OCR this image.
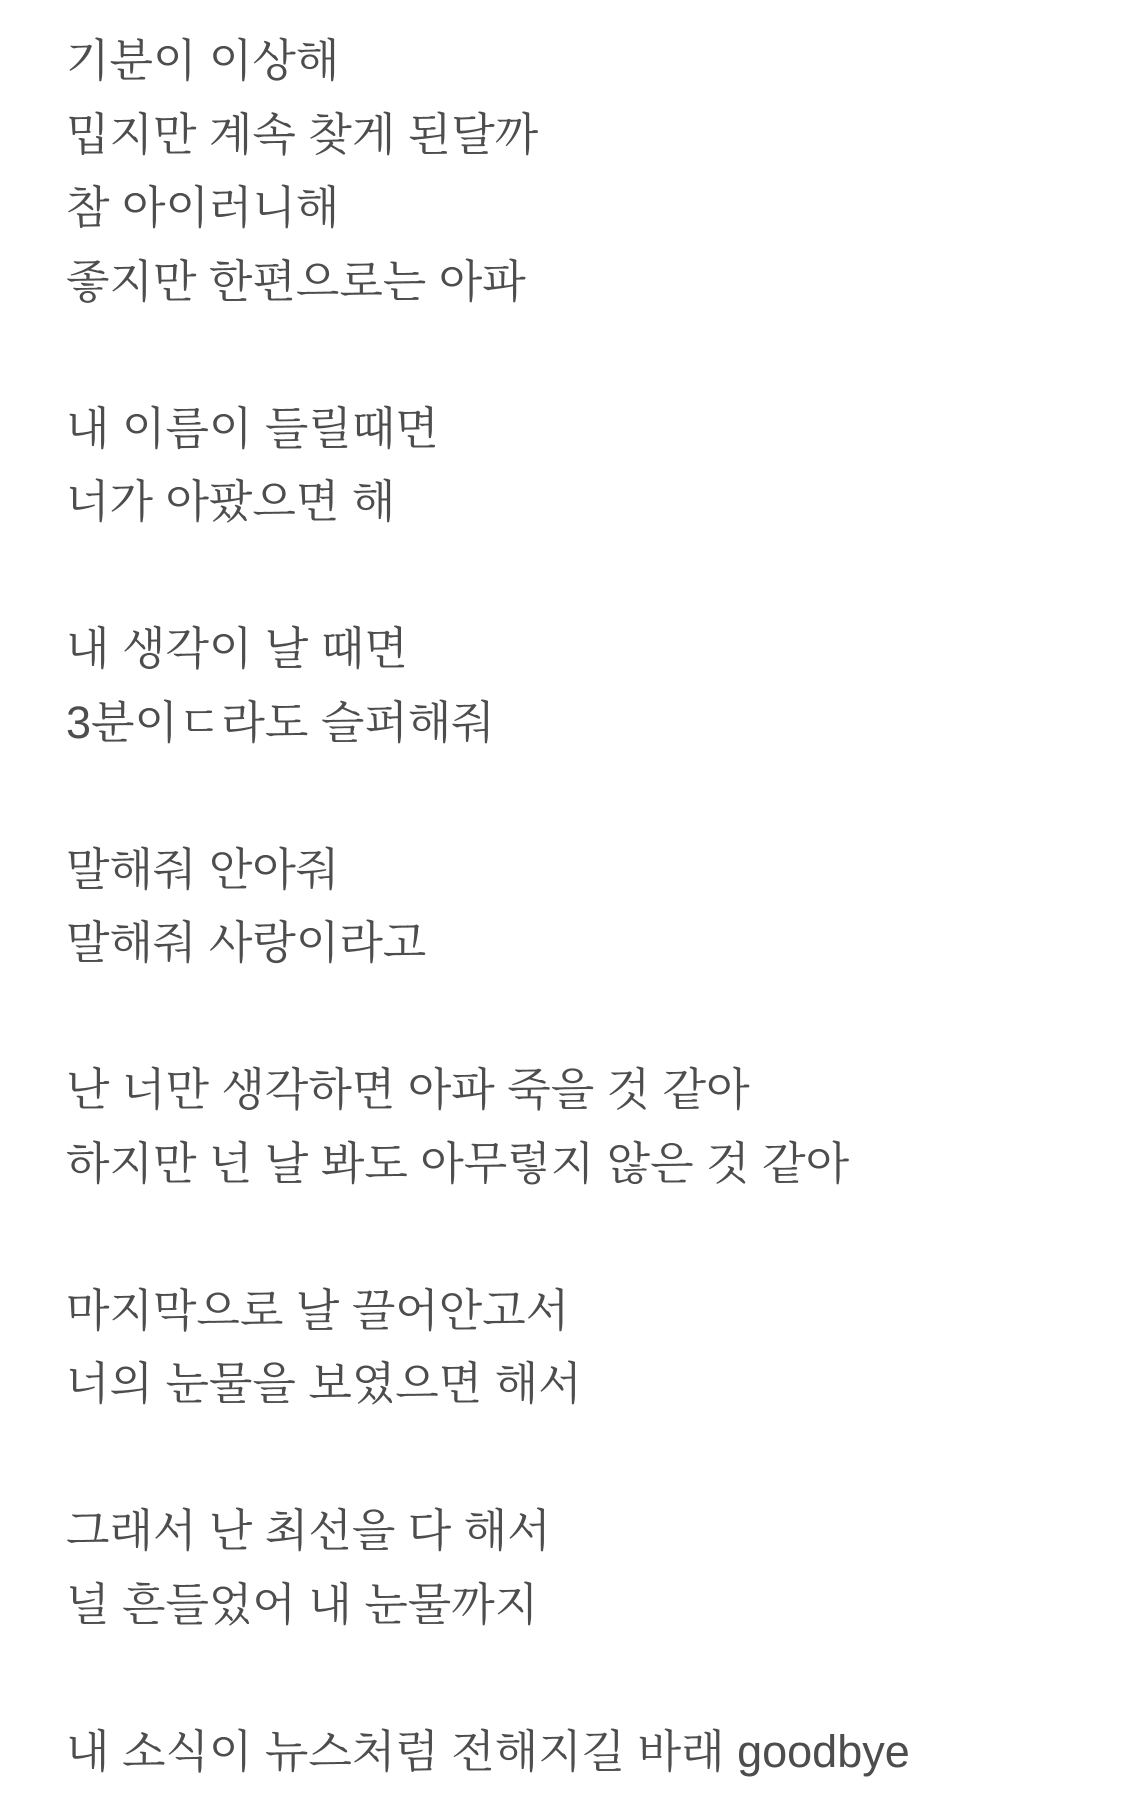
기분이 이상해

밉지만 계속 찾게 된달까

참 아이러니해

좋지만 한편으로는 아파

내 이름이 들릴때면

너가 아팠으면 해

내 생각이 날 때면

3분이ㄷ라도 슬퍼해줘

말해줘 안아줘

말해줘 사랑이라고

난 너만 생각하면 아파 죽을 것 같아

하지만 넌 날 봐도 아무렇지 않은 것 같아

마지막으로 날 끌어안고서

너의 눈물을 보였으면 해서

그래서 난 최선을 다 해서

널 흔들었어 내 눈물까지

내 소식이 뉴스처럼 전해지길 바래 goodbye
